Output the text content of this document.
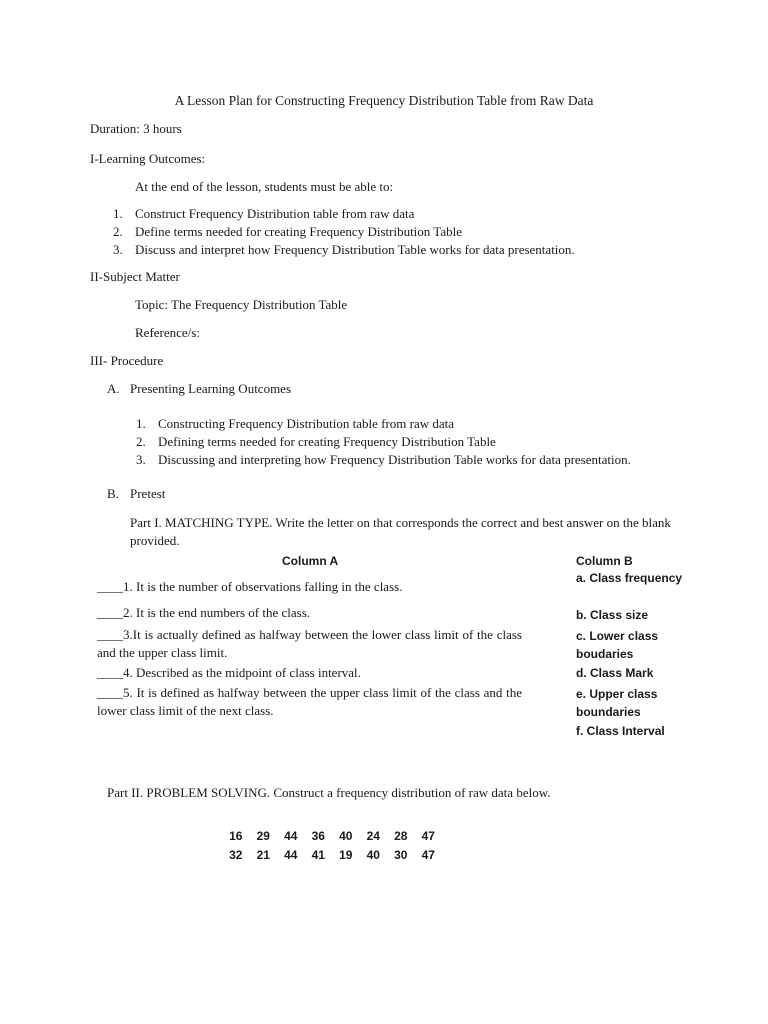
A Lesson Plan for Constructing Frequency Distribution Table from Raw Data
Duration: 3 hours
I-Learning Outcomes:
At the end of the lesson, students must be able to:
1. Construct Frequency Distribution table from raw data
2. Define terms needed for creating Frequency Distribution Table
3. Discuss and interpret how Frequency Distribution Table works for data presentation.
II-Subject Matter
Topic: The Frequency Distribution Table
Reference/s:
III- Procedure
A. Presenting Learning Outcomes
1. Constructing Frequency Distribution table from raw data
2. Defining terms needed for creating Frequency Distribution Table
3. Discussing and interpreting how Frequency Distribution Table works for data presentation.
B. Pretest
Part I. MATCHING TYPE. Write the letter on that corresponds the correct and best answer on the blank provided.
Column A	Column B
____1. It is the number of observations falling in the class.
____2. It is the end numbers of the class.
____3.It is actually defined as halfway between the lower class limit of the class and the upper class limit.
____4. Described as the midpoint of class interval.
____5. It is defined as halfway between the upper class limit of the class and the lower class limit of the next class.
a. Class frequency
b. Class size
c. Lower class boudaries
d. Class Mark
e. Upper class boundaries
f. Class Interval
Part II. PROBLEM SOLVING. Construct a frequency distribution of raw data below.
16	29	44	36	40	24	28	47
32	21	44	41	19	40	30	47
